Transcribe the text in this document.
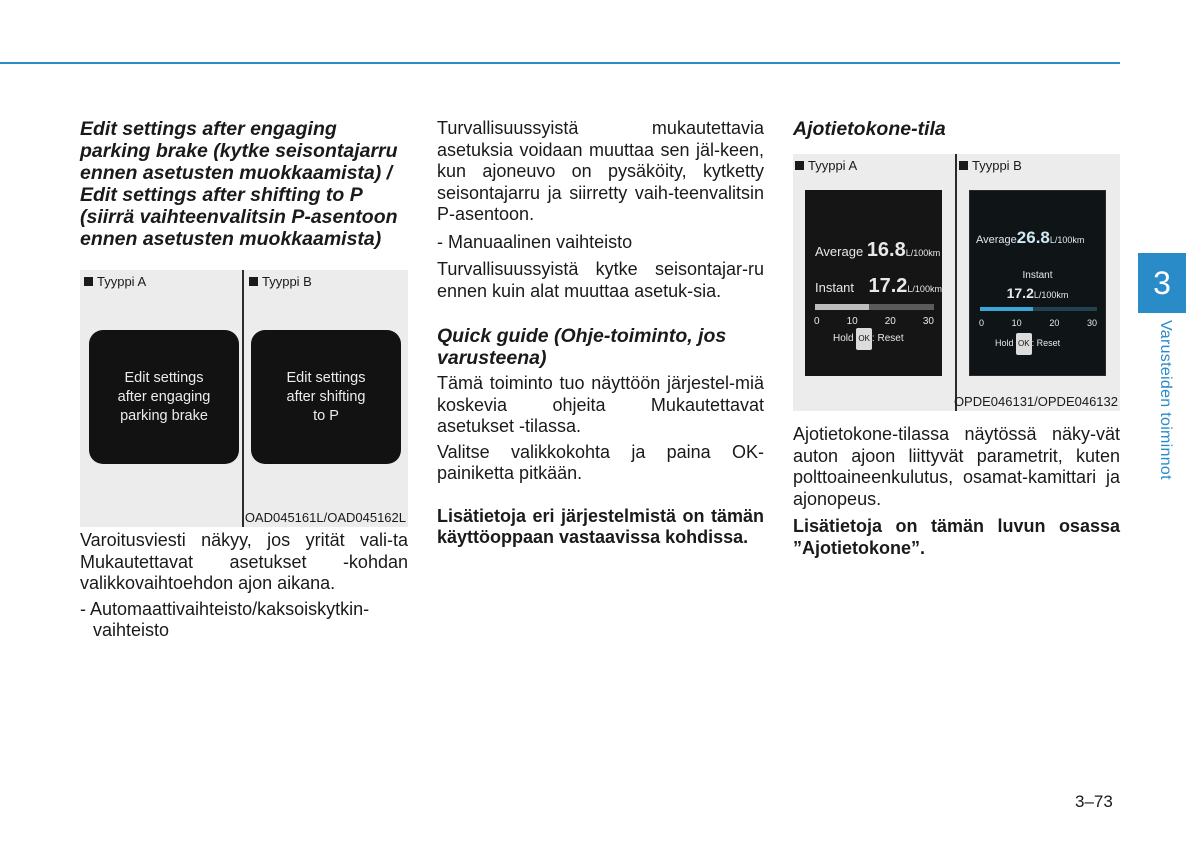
Edit settings after engaging parking brake (kytke seisontajarru ennen asetusten muokkaamista) / Edit settings after shifting to P (siirrä vaihteenvalitsin P-asentoon ennen asetusten muokkaamista)
Tyyppi A	Tyyppi B
Edit settings
after engaging
parking brake
Edit settings
after shifting
to P
OAD045161L/OAD045162L
Varoitusviesti näkyy, jos yrität vali-ta Mukautettavat asetukset -kohdan valikkovaihtoehdon ajon aikana.
- Automaattivaihteisto/kaksoiskytkin-vaihteisto
Turvallisuussyistä mukautettavia asetuksia voidaan muuttaa sen jäl-keen, kun ajoneuvo on pysäköity, kytketty seisontajarru ja siirretty vaih-teenvalitsin P-asentoon.
- Manuaalinen vaihteisto
Turvallisuussyistä kytke seisontajar-ru ennen kuin alat muuttaa asetuk-sia.
Quick guide (Ohje-toiminto, jos varusteena)
Tämä toiminto tuo näyttöön järjestel-miä koskevia ohjeita Mukautettavat asetukset -tilassa.
Valitse valikkokohta ja paina OK-painiketta pitkään.
Lisätietoja eri järjestelmistä on tämän käyttöoppaan vastaavissa kohdissa.
Ajotietokone-tila
Tyyppi A	Tyyppi B
Average 16.8L/100km
Instant 17.2L/100km
0	10	20	30
Hold OK : Reset
Average26.8L/100km
Instant
17.2L/100km
0	10	20	30
Hold OK : Reset
OPDE046131/OPDE046132
Ajotietokone-tilassa näytössä näky-vät auton ajoon liittyvät parametrit, kuten polttoaineenkulutus, osamat-kamittari ja ajonopeus.
Lisätietoja on tämän luvun osassa ”Ajotietokone”.
3
Varusteiden toiminnot
3–73
